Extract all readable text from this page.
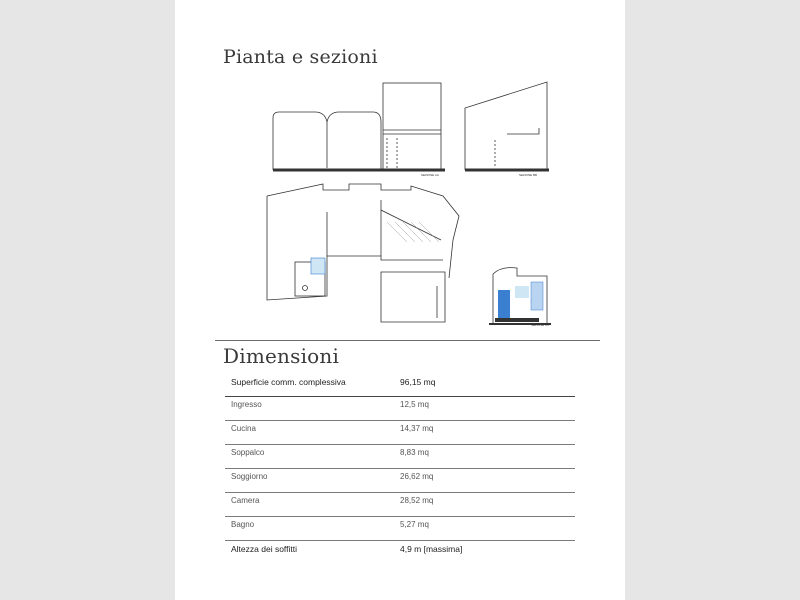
Pianta e sezioni
SEZIONE AA	SEZIONE BB
SEZIONE CC
Dimensioni
Superficie comm. complessiva	96,15 mq
Ingresso	12,5 mq
Cucina	14,37 mq
Soppalco	8,83 mq
Soggiorno	26,62 mq
Camera	28,52 mq
Bagno	5,27 mq
Altezza dei soffitti	4,9 m [massima]
